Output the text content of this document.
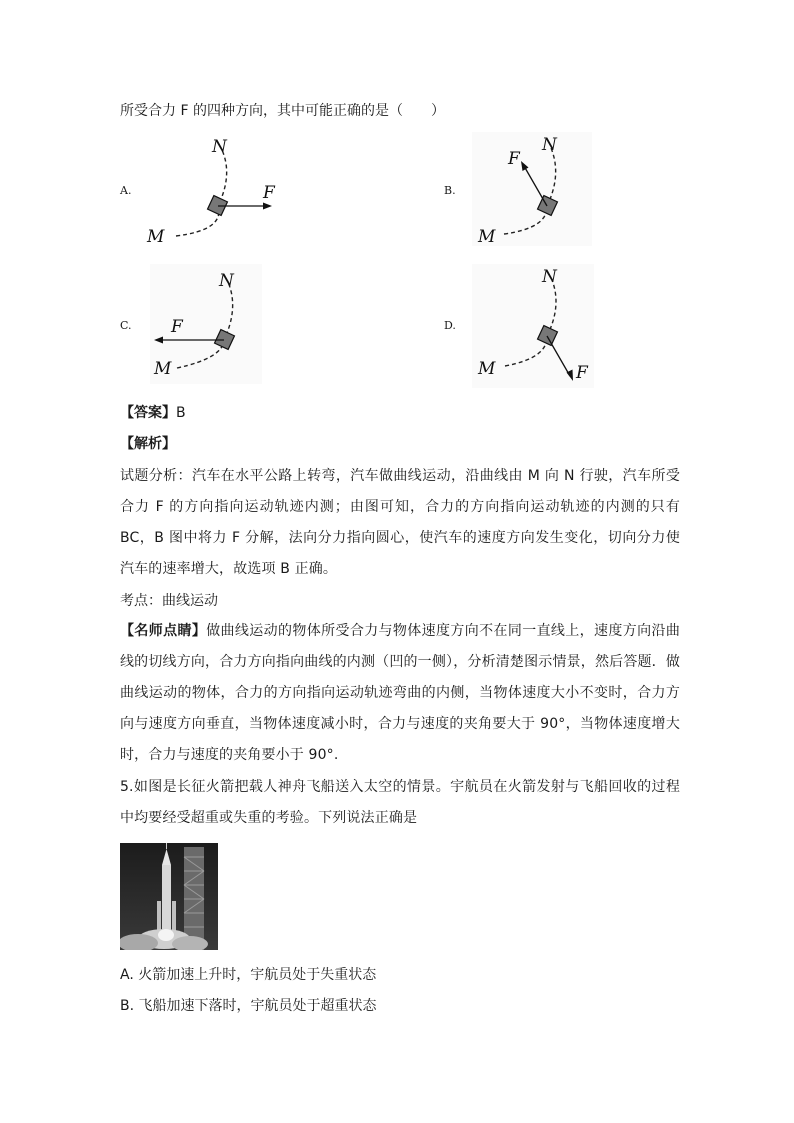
所受合力 F 的四种方向，其中可能正确的是（　　）
A.	B.
C.	D.
N
F
M
N
F
M
N
F
M
N
F
M
【答案】B
【解析】
试题分析：汽车在水平公路上转弯，汽车做曲线运动，沿曲线由 M 向 N 行驶，汽车所受合力 F 的方向指向运动轨迹内测；由图可知，合力的方向指向运动轨迹的内测的只有 BC，B 图中将力 F 分解，法向分力指向圆心，使汽车的速度方向发生变化，切向分力使汽车的速率增大，故选项 B 正确。
考点：曲线运动
【名师点睛】做曲线运动的物体所受合力与物体速度方向不在同一直线上，速度方向沿曲线的切线方向，合力方向指向曲线的内测（凹的一侧），分析清楚图示情景，然后答题．做曲线运动的物体，合力的方向指向运动轨迹弯曲的内侧，当物体速度大小不变时，合力方向与速度方向垂直，当物体速度减小时，合力与速度的夹角要大于 90°，当物体速度增大时，合力与速度的夹角要小于 90°.
5.如图是长征火箭把载人神舟飞船送入太空的情景。宇航员在火箭发射与飞船回收的过程中均要经受超重或失重的考验。下列说法正确是
A. 火箭加速上升时，宇航员处于失重状态
B. 飞船加速下落时，宇航员处于超重状态
